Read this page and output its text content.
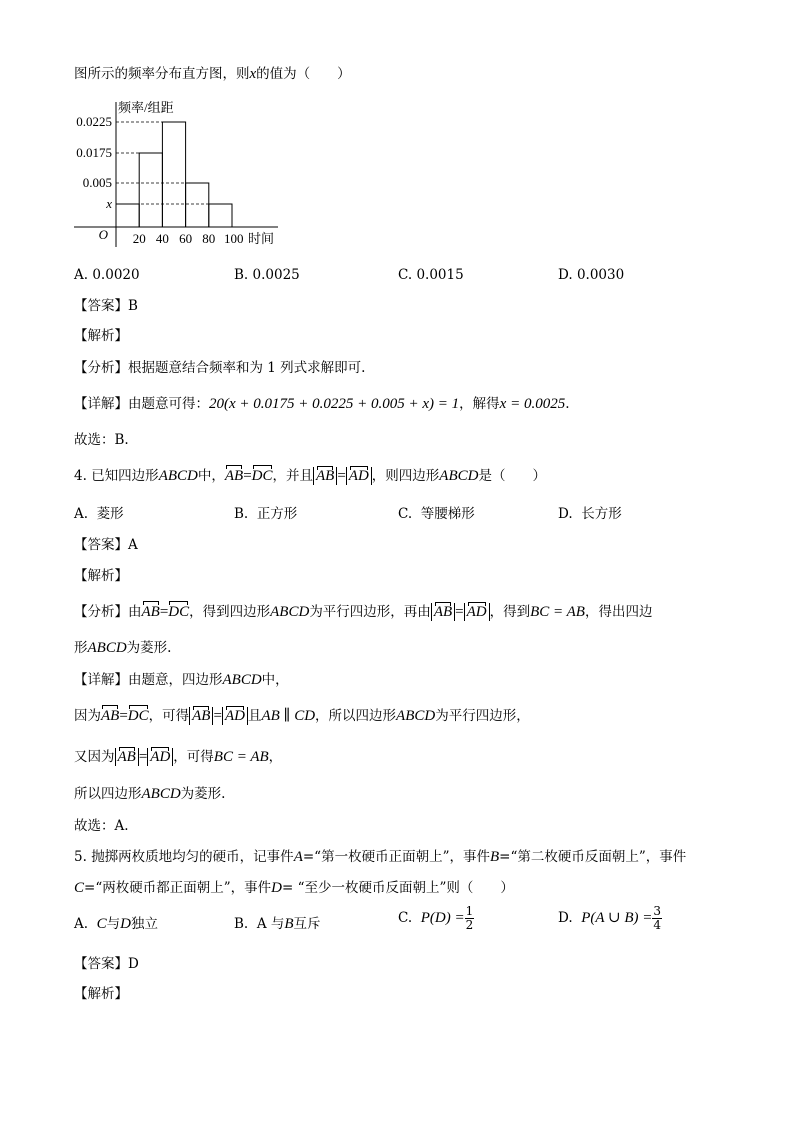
图所示的频率分布直方图，则x的值为（　　）
0.0225
0.0175
0.005
x
20 40 60 80 100
O
频率/组距
时间
A. 0.0020	B. 0.0025	C. 0.0015	D. 0.0030
【答案】B
【解析】
【分析】根据题意结合频率和为 1 列式求解即可.
【详解】由题意可得：20(x + 0.0175 + 0.0225 + 0.005 + x) = 1，解得x = 0.0025.
故选：B.
4. 已知四边形ABCD中，AB=DC，并且 AB = AD ，则四边形ABCD是（　　）
A. 菱形	B. 正方形	C. 等腰梯形	D. 长方形
【答案】A
【解析】
【分析】由AB=DC，得到四边形ABCD为平行四边形，再由 AB = AD ，得到BC = AB，得出四边
形ABCD为菱形.
【详解】由题意，四边形ABCD中，
因为AB=DC，可得 AB = AD 且AB ∥ CD，所以四边形ABCD为平行四边形，
又因为 AB = AD ，可得BC = AB，
所以四边形ABCD为菱形.
故选：A.
5. 抛掷两枚质地均匀的硬币，记事件A=“第一枚硬币正面朝上”，事件B=“第二枚硬币反面朝上”，事件
C=“两枚硬币都正面朝上”，事件D= “至少一枚硬币反面朝上”则（　　）
A. C与D独立	B. A 与B互斥	C. $P(D) = \frac{1}{2}$	D. P(A ∪ $B) = \frac{3}{4}$
【答案】D
【解析】
